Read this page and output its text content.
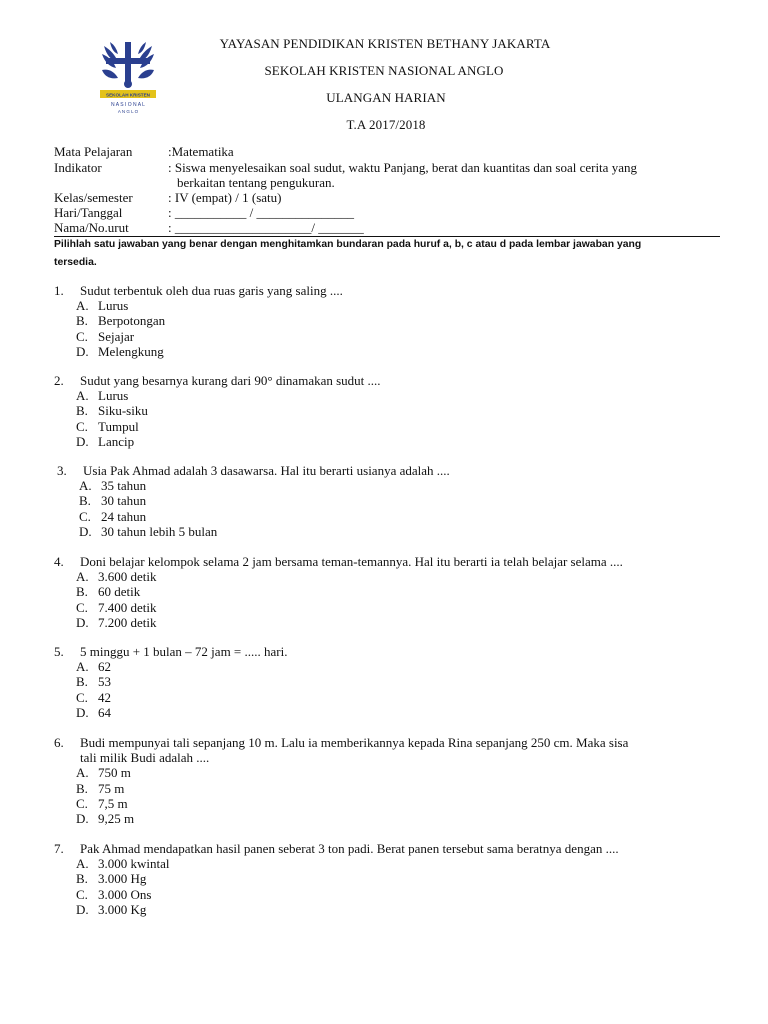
SEKOLAH KRISTEN
N A S I O N A L
A N G L O
YAYASAN PENDIDIKAN KRISTEN BETHANY JAKARTA
SEKOLAH KRISTEN NASIONAL ANGLO
ULANGAN HARIAN
T.A 2017/2018
Mata Pelajaran	:Matematika
Indikator	: Siswa menyelesaikan soal sudut, waktu Panjang, berat dan kuantitas dan soal cerita yang
berkaitan tentang pengukuran.
Kelas/semester	: IV (empat) / 1 (satu)
Hari/Tanggal	: ___________ / _______________
Nama/No.urut	: _____________________/ _______
Pilihlah satu jawaban yang benar dengan menghitamkan bundaran pada huruf a, b, c atau d pada lembar jawaban yang
tersedia.
1.	Sudut terbentuk oleh dua ruas garis yang saling ....
A. Lurus
B. Berpotongan
C. Sejajar
D. Melengkung
2.	Sudut yang besarnya kurang dari 90° dinamakan sudut ....
A. Lurus
B. Siku-siku
C. Tumpul
D. Lancip
3.	Usia Pak Ahmad adalah 3 dasawarsa. Hal itu berarti usianya adalah ....
A. 35 tahun
B. 30 tahun
C. 24 tahun
D. 30 tahun lebih 5 bulan
4.	Doni belajar kelompok selama 2 jam bersama teman-temannya. Hal itu berarti ia telah belajar selama ....
A. 3.600 detik
B. 60 detik
C. 7.400 detik
D. 7.200 detik
5.	5 minggu + 1 bulan – 72 jam = ..... hari.
A. 62
B. 53
C. 42
D. 64
6.	Budi mempunyai tali sepanjang 10 m. Lalu ia memberikannya kepada Rina sepanjang 250 cm. Maka sisa
tali milik Budi adalah ....
A. 750 m
B. 75 m
C. 7,5 m
D. 9,25 m
7.	Pak Ahmad mendapatkan hasil panen seberat 3 ton padi. Berat panen tersebut sama beratnya dengan ....
A. 3.000 kwintal
B. 3.000 Hg
C. 3.000 Ons
D. 3.000 Kg
